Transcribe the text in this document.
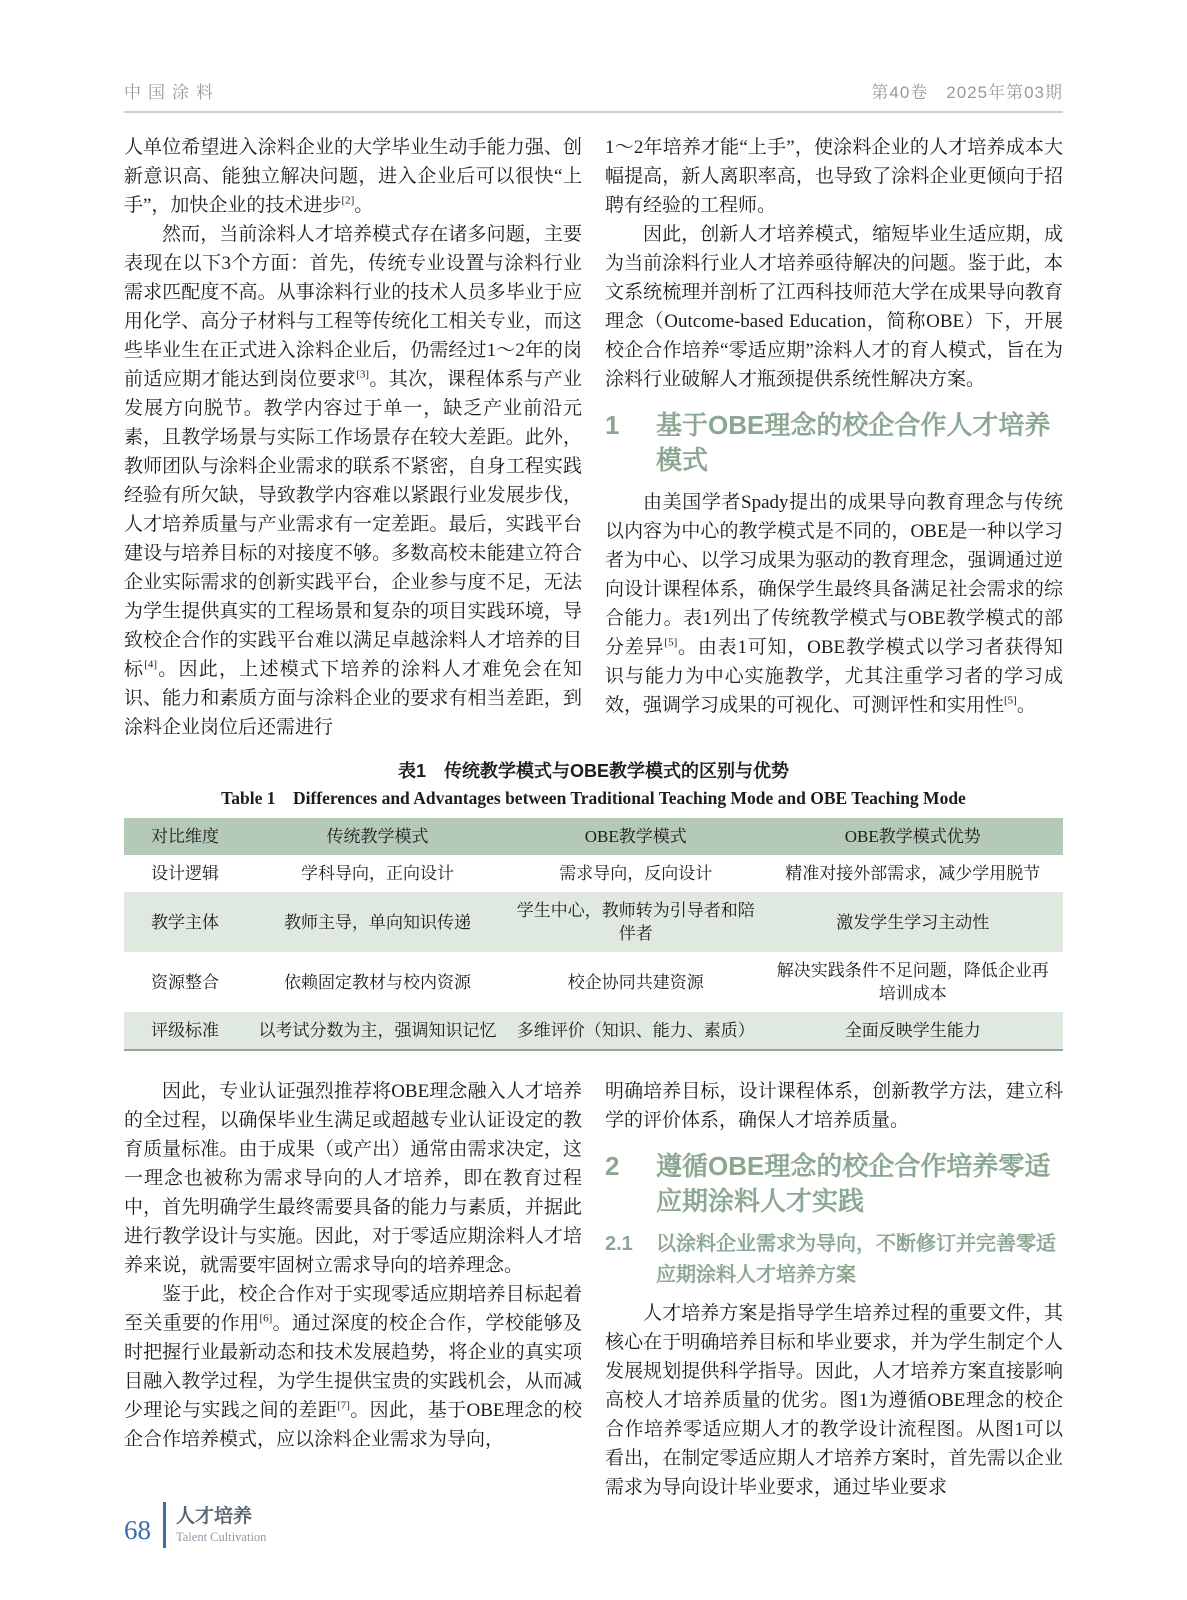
中国涂料	第40卷　2025年第03期

人单位希望进入涂料企业的大学毕业生动手能力强、创新意识高、能独立解决问题，进入企业后可以很快“上手”，加快企业的技术进步[2]。

然而，当前涂料人才培养模式存在诸多问题，主要表现在以下3个方面：首先，传统专业设置与涂料行业需求匹配度不高。从事涂料行业的技术人员多毕业于应用化学、高分子材料与工程等传统化工相关专业，而这些毕业生在正式进入涂料企业后，仍需经过1～2年的岗前适应期才能达到岗位要求[3]。其次，课程体系与产业发展方向脱节。教学内容过于单一，缺乏产业前沿元素，且教学场景与实际工作场景存在较大差距。此外，教师团队与涂料企业需求的联系不紧密，自身工程实践经验有所欠缺，导致教学内容难以紧跟行业发展步伐，人才培养质量与产业需求有一定差距。最后，实践平台建设与培养目标的对接度不够。多数高校未能建立符合企业实际需求的创新实践平台，企业参与度不足，无法为学生提供真实的工程场景和复杂的项目实践环境，导致校企合作的实践平台难以满足卓越涂料人才培养的目标[4]。因此，上述模式下培养的涂料人才难免会在知识、能力和素质方面与涂料企业的要求有相当差距，到涂料企业岗位后还需进行

1～2年培养才能“上手”，使涂料企业的人才培养成本大幅提高，新人离职率高，也导致了涂料企业更倾向于招聘有经验的工程师。

因此，创新人才培养模式，缩短毕业生适应期，成为当前涂料行业人才培养亟待解决的问题。鉴于此，本文系统梳理并剖析了江西科技师范大学在成果导向教育理念（Outcome-based Education，简称OBE）下，开展校企合作培养“零适应期”涂料人才的育人模式，旨在为涂料行业破解人才瓶颈提供系统性解决方案。

1	基于OBE理念的校企合作人才培养模式

由美国学者Spady提出的成果导向教育理念与传统以内容为中心的教学模式是不同的，OBE是一种以学习者为中心、以学习成果为驱动的教育理念，强调通过逆向设计课程体系，确保学生最终具备满足社会需求的综合能力。表1列出了传统教学模式与OBE教学模式的部分差异[5]。由表1可知，OBE教学模式以学习者获得知识与能力为中心实施教学，尤其注重学习者的学习成效，强调学习成果的可视化、可测评性和实用性[5]。

表1　传统教学模式与OBE教学模式的区别与优势
Table 1　Differences and Advantages between Traditional Teaching Mode and OBE Teaching Mode
对比维度	传统教学模式	OBE教学模式	OBE教学模式优势
设计逻辑	学科导向，正向设计	需求导向，反向设计	精准对接外部需求，减少学用脱节
教学主体	教师主导，单向知识传递	学生中心，教师转为引导者和陪伴者	激发学生学习主动性
资源整合	依赖固定教材与校内资源	校企协同共建资源	解决实践条件不足问题，降低企业再培训成本
评级标准	以考试分数为主，强调知识记忆	多维评价（知识、能力、素质）	全面反映学生能力

因此，专业认证强烈推荐将OBE理念融入人才培养的全过程，以确保毕业生满足或超越专业认证设定的教育质量标准。由于成果（或产出）通常由需求决定，这一理念也被称为需求导向的人才培养，即在教育过程中，首先明确学生最终需要具备的能力与素质，并据此进行教学设计与实施。因此，对于零适应期涂料人才培养来说，就需要牢固树立需求导向的培养理念。

鉴于此，校企合作对于实现零适应期培养目标起着至关重要的作用[6]。通过深度的校企合作，学校能够及时把握行业最新动态和技术发展趋势，将企业的真实项目融入教学过程，为学生提供宝贵的实践机会，从而减少理论与实践之间的差距[7]。因此，基于OBE理念的校企合作培养模式，应以涂料企业需求为导向，

明确培养目标，设计课程体系，创新教学方法，建立科学的评价体系，确保人才培养质量。

2	遵循OBE理念的校企合作培养零适应期涂料人才实践
2.1	以涂料企业需求为导向，不断修订并完善零适应期涂料人才培养方案

人才培养方案是指导学生培养过程的重要文件，其核心在于明确培养目标和毕业要求，并为学生制定个人发展规划提供科学指导。因此，人才培养方案直接影响高校人才培养质量的优劣。图1为遵循OBE理念的校企合作培养零适应期人才的教学设计流程图。从图1可以看出，在制定零适应期人才培养方案时，首先需以企业需求为导向设计毕业要求，通过毕业要求

68 人才培养
Talent Cultivation
